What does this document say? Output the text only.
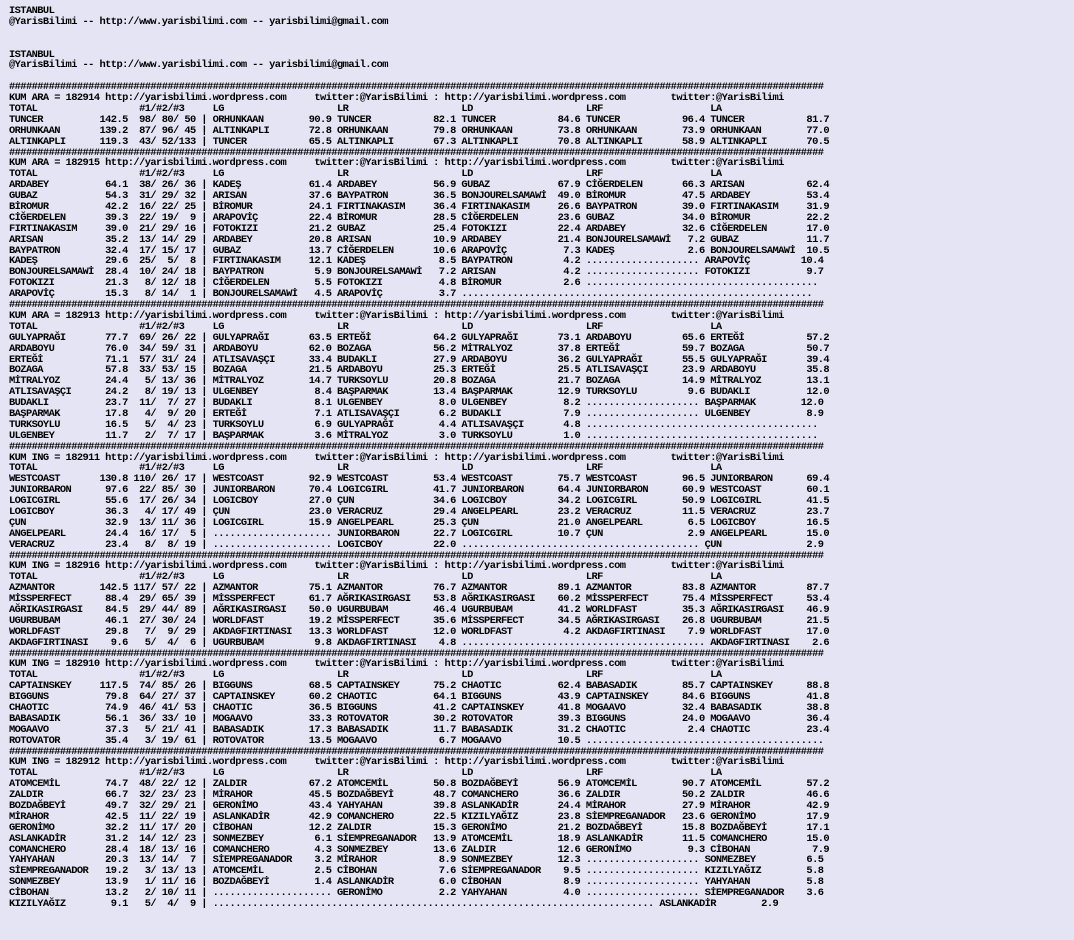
ISTANBUL
@YarisBilimi -- http://www.yarisbilimi.com -- yarisbilimi@gmail.com
ISTANBUL
@YarisBilimi -- http://www.yarisbilimi.com -- yarisbilimi@gmail.com
################################################################################################################################################
KUM ARA = 182914 http://yarisbilimi.wordpress.com     twitter:@YarisBilimi : http://yarisbilimi.wordpress.com        twitter:@YarisBilimi
TOTAL                  #1/#2/#3     LG                    LR                    LD                    LRF                   LA
TUNCER          142.5  98/ 80/ 50 | ORHUNKAAN        90.9 TUNCER           82.1 TUNCER           84.6 TUNCER           96.4 TUNCER           81.7
ORHUNKAAN       139.2  87/ 96/ 45 | ALTINKAPLI       72.8 ORHUNKAAN        79.8 ORHUNKAAN        73.8 ORHUNKAAN        73.9 ORHUNKAAN        77.0
ALTINKAPLI      119.3  43/ 52/133 | TUNCER           65.5 ALTINKAPLI       67.3 ALTINKAPLI       70.8 ALTINKAPLI       58.9 ALTINKAPLI       70.5
################################################################################################################################################
KUM ARA = 182915 http://yarisbilimi.wordpress.com     twitter:@YarisBilimi : http://yarisbilimi.wordpress.com        twitter:@YarisBilimi
TOTAL                  #1/#2/#3     LG                    LR                    LD                    LRF                   LA
ARDABEY          64.1  38/ 26/ 36 | KADEŞ            61.4 ARDABEY          56.9 GUBAZ            67.9 CİĞERDELEN       66.3 ARISAN           62.4
GUBAZ            54.3  31/ 29/ 32 | ARISAN           37.6 BAYPATRON        36.5 BONJOURELSAMAWİ  49.0 BİROMUR          47.5 ARDABEY          53.4
BİROMUR          42.2  16/ 22/ 25 | BİROMUR          24.1 FIRTINAKASIM     36.4 FIRTINAKASIM     26.6 BAYPATRON        39.0 FIRTINAKASIM     31.9
CİĞERDELEN       39.3  22/ 19/  9 | ARAPOVİÇ         22.4 BİROMUR          28.5 CİĞERDELEN       23.6 GUBAZ            34.0 BİROMUR          22.2
FIRTINAKASIM     39.0  21/ 29/ 16 | FOTOKIZI         21.2 GUBAZ            25.4 FOTOKIZI         22.4 ARDABEY          32.6 CİĞERDELEN       17.0
ARISAN           35.2  13/ 14/ 29 | ARDABEY          20.8 ARISAN           10.9 ARDABEY          21.4 BONJOURELSAMAWİ   7.2 GUBAZ            11.7
BAYPATRON        32.4  17/ 15/ 17 | GUBAZ            13.7 CİĞERDELEN       10.6 ARAPOVİÇ          7.3 KADEŞ             2.6 BONJOURELSAMAWİ  10.5
KADEŞ            29.6  25/  5/  8 | FIRTINAKASIM     12.1 KADEŞ             8.5 BAYPATRON         4.2 .................... ARAPOVİÇ         10.4
BONJOURELSAMAWİ  28.4  10/ 24/ 18 | BAYPATRON         5.9 BONJOURELSAMAWİ   7.2 ARISAN            4.2 .................... FOTOKIZI          9.7
FOTOKIZI         21.3   8/ 12/ 18 | CİĞERDELEN        5.5 FOTOKIZI          4.8 BİROMUR           2.6 .........................................
ARAPOVİÇ         15.3   8/ 14/  1 | BONJOURELSAMAWİ   4.5 ARAPOVİÇ          3.7 ..............................................................
################################################################################################################################################
KUM ARA = 182913 http://yarisbilimi.wordpress.com     twitter:@YarisBilimi : http://yarisbilimi.wordpress.com        twitter:@YarisBilimi
TOTAL                  #1/#2/#3     LG                    LR                    LD                    LRF                   LA
GULYAPRAĞI       77.7  69/ 26/ 22 | GULYAPRAĞI       63.5 ERTEĞİ           64.2 GULYAPRAĞI       73.1 ARDABOYU         65.6 ERTEĞİ           57.2
ARDABOYU         76.0  34/ 59/ 31 | ARDABOYU         62.0 BOZAGA           56.2 MİTRALYOZ        37.8 ERTEĞİ           59.7 BOZAGA           50.7
ERTEĞİ           71.1  57/ 31/ 24 | ATLISAVAŞÇI      33.4 BUDAKLI          27.9 ARDABOYU         36.2 GULYAPRAĞI       55.5 GULYAPRAĞI       39.4
BOZAGA           57.8  33/ 53/ 15 | BOZAGA           21.5 ARDABOYU         25.3 ERTEĞİ           25.5 ATLISAVAŞÇI      23.9 ARDABOYU         35.8
MİTRALYOZ        24.4   5/ 13/ 36 | MİTRALYOZ        14.7 TURKSOYLU        20.8 BOZAGA           21.7 BOZAGA           14.9 MİTRALYOZ        13.1
ATLISAVAŞÇI      24.2   8/ 19/ 13 | ULGENBEY          8.4 BAŞPARMAK        13.4 BAŞPARMAK        12.9 TURKSOYLU         9.6 BUDAKLI          12.0
BUDAKLI          23.7  11/  7/ 27 | BUDAKLI           8.1 ULGENBEY          8.0 ULGENBEY          8.2 .................... BAŞPARMAK        12.0
BAŞPARMAK        17.8   4/  9/ 20 | ERTEĞİ            7.1 ATLISAVAŞÇI       6.2 BUDAKLI           7.9 .................... ULGENBEY          8.9
TURKSOYLU        16.5   5/  4/ 23 | TURKSOYLU         6.9 GULYAPRAĞI        4.4 ATLISAVAŞÇI       4.8 .........................................
ULGENBEY         11.7   2/  7/ 17 | BAŞPARMAK         3.6 MİTRALYOZ         3.0 TURKSOYLU         1.0 .........................................
################################################################################################################################################
KUM ING = 182911 http://yarisbilimi.wordpress.com     twitter:@YarisBilimi : http://yarisbilimi.wordpress.com        twitter:@YarisBilimi
TOTAL                  #1/#2/#3     LG                    LR                    LD                    LRF                   LA
WESTCOAST       130.8 110/ 26/ 17 | WESTCOAST        92.9 WESTCOAST        53.4 WESTCOAST        75.7 WESTCOAST        96.5 JUNIORBARON      69.4
JUNIORBARON      97.6  22/ 85/ 30 | JUNIORBARON      70.4 LOGICGIRL        41.7 JUNIORBARON      64.4 JUNIORBARON      60.9 WESTCOAST        60.1
LOGICGIRL        55.6  17/ 26/ 34 | LOGICBOY         27.0 ÇUN              34.6 LOGICBOY         34.2 LOGICGIRL        50.9 LOGICGIRL        41.5
LOGICBOY         36.3   4/ 17/ 49 | ÇUN              23.0 VERACRUZ         29.4 ANGELPEARL       23.2 VERACRUZ         11.5 VERACRUZ         23.7
ÇUN              32.9  13/ 11/ 36 | LOGICGIRL        15.9 ANGELPEARL       25.3 ÇUN              21.0 ANGELPEARL        6.5 LOGICBOY         16.5
ANGELPEARL       24.4  16/ 17/  5 | ..................... JUNIORBARON      22.7 LOGICGIRL        10.7 ÇUN               2.9 ANGELPEARL       15.0
VERACRUZ         23.4   8/  8/ 19 | ..................... LOGICBOY         22.0 .......................................... ÇUN               2.9
################################################################################################################################################
KUM ING = 182916 http://yarisbilimi.wordpress.com     twitter:@YarisBilimi : http://yarisbilimi.wordpress.com        twitter:@YarisBilimi
TOTAL                  #1/#2/#3     LG                    LR                    LD                    LRF                   LA
AZMANTOR        142.5 117/ 57/ 22 | AZMANTOR         75.1 AZMANTOR         76.7 AZMANTOR         89.1 AZMANTOR         83.8 AZMANTOR         87.7
MİSSPERFECT      88.4  29/ 65/ 39 | MİSSPERFECT      61.7 AĞRIKASIRGASI    53.8 AĞRIKASIRGASI    60.2 MİSSPERFECT      75.4 MİSSPERFECT      53.4
AĞRIKASIRGASI    84.5  29/ 44/ 89 | AĞRIKASIRGASI    50.0 UGURBUBAM        46.4 UGURBUBAM        41.2 WORLDFAST        35.3 AĞRIKASIRGASI    46.9
UGURBUBAM        46.1  27/ 30/ 24 | WORLDFAST        19.2 MİSSPERFECT      35.6 MİSSPERFECT      34.5 AĞRIKASIRGASI    26.8 UGURBUBAM        21.5
WORLDFAST        29.8   7/  9/ 29 | AKDAGFIRTINASI   13.3 WORLDFAST        12.0 WORLDFAST         4.2 AKDAGFIRTINASI    7.9 WORLDFAST        17.0
AKDAGFIRTINASI    9.6   5/  4/  6 | UGURBUBAM         9.8 AKDAGFIRTINASI    4.8 ........................................... AKDAGFIRTINASI    2.6
################################################################################################################################################
KUM ING = 182910 http://yarisbilimi.wordpress.com     twitter:@YarisBilimi : http://yarisbilimi.wordpress.com        twitter:@YarisBilimi
TOTAL                  #1/#2/#3     LG                    LR                    LD                    LRF                   LA
CAPTAINSKEY     117.5  74/ 85/ 26 | BIGGUNS          68.5 CAPTAINSKEY      75.2 CHAOTIC          62.4 BABASADIK        85.7 CAPTAINSKEY      88.8
BIGGUNS          79.8  64/ 27/ 37 | CAPTAINSKEY      60.2 CHAOTIC          64.1 BIGGUNS          43.9 CAPTAINSKEY      84.6 BIGGUNS          41.8
CHAOTIC          74.9  46/ 41/ 53 | CHAOTIC          36.5 BIGGUNS          41.2 CAPTAINSKEY      41.8 MOGAAVO          32.4 BABASADIK        38.8
BABASADIK        56.1  36/ 33/ 10 | MOGAAVO          33.3 ROTOVATOR        30.2 ROTOVATOR        39.3 BIGGUNS          24.0 MOGAAVO          36.4
MOGAAVO          37.3   5/ 21/ 41 | BABASADIK        17.3 BABASADIK        11.7 BABASADIK        31.2 CHAOTIC           2.4 CHAOTIC          23.4
ROTOVATOR        35.4   3/ 19/ 61 | ROTOVATOR        13.5 MOGAAVO           6.7 MOGAAVO          10.5 ..........................................
################################################################################################################################################
KUM ING = 182912 http://yarisbilimi.wordpress.com     twitter:@YarisBilimi : http://yarisbilimi.wordpress.com        twitter:@YarisBilimi
TOTAL                  #1/#2/#3     LG                    LR                    LD                    LRF                   LA
ATOMCEMİL        74.7  48/ 22/ 12 | ZALDIR           67.2 ATOMCEMİL        50.8 BOZDAĞBEYİ       56.9 ATOMCEMİL        90.7 ATOMCEMİL        57.2
ZALDIR           66.7  32/ 23/ 23 | MİRAHOR          45.5 BOZDAĞBEYİ       48.7 COMANCHERO       36.6 ZALDIR           50.2 ZALDIR           46.6
BOZDAĞBEYİ       49.7  32/ 29/ 21 | GERONİMO         43.4 YAHYAHAN         39.8 ASLANKADİR       24.4 MİRAHOR          27.9 MİRAHOR          42.9
MİRAHOR          42.5  11/ 22/ 19 | ASLANKADİR       42.9 COMANCHERO       22.5 KIZILYAĞIZ       23.8 SİEMPREGANADOR   23.6 GERONİMO         17.9
GERONİMO         32.2  11/ 17/ 20 | CİBOHAN          12.2 ZALDIR           15.3 GERONİMO         21.2 BOZDAĞBEYİ       15.8 BOZDAĞBEYİ       17.1
ASLANKADİR       31.2  14/ 12/ 23 | SONMEZBEY         6.1 SİEMPREGANADOR   13.9 ATOMCEMİL        18.9 ASLANKADİR       11.5 COMANCHERO       15.0
COMANCHERO       28.4  18/ 13/ 16 | COMANCHERO        4.3 SONMEZBEY        13.6 ZALDIR           12.6 GERONİMO          9.3 CİBOHAN           7.9
YAHYAHAN         20.3  13/ 14/  7 | SİEMPREGANADOR    3.2 MİRAHOR           8.9 SONMEZBEY        12.3 .................... SONMEZBEY         6.5
SİEMPREGANADOR   19.2   3/ 13/ 13 | ATOMCEMİL         2.5 CİBOHAN           7.6 SİEMPREGANADOR    9.5 .................... KIZILYAĞIZ        5.8
SONMEZBEY        13.9   1/ 11/ 16 | BOZDAĞBEYİ        1.4 ASLANKADİR        6.0 CİBOHAN           8.9 .................... YAHYAHAN          5.8
CİBOHAN          13.2   2/ 10/ 11 | ..................... GERONİMO          2.2 YAHYAHAN          4.0 .................... SİEMPREGANADOR    3.6
KIZILYAĞIZ        9.1   5/  4/  9 | .............................................................................. ASLANKADİR        2.9
